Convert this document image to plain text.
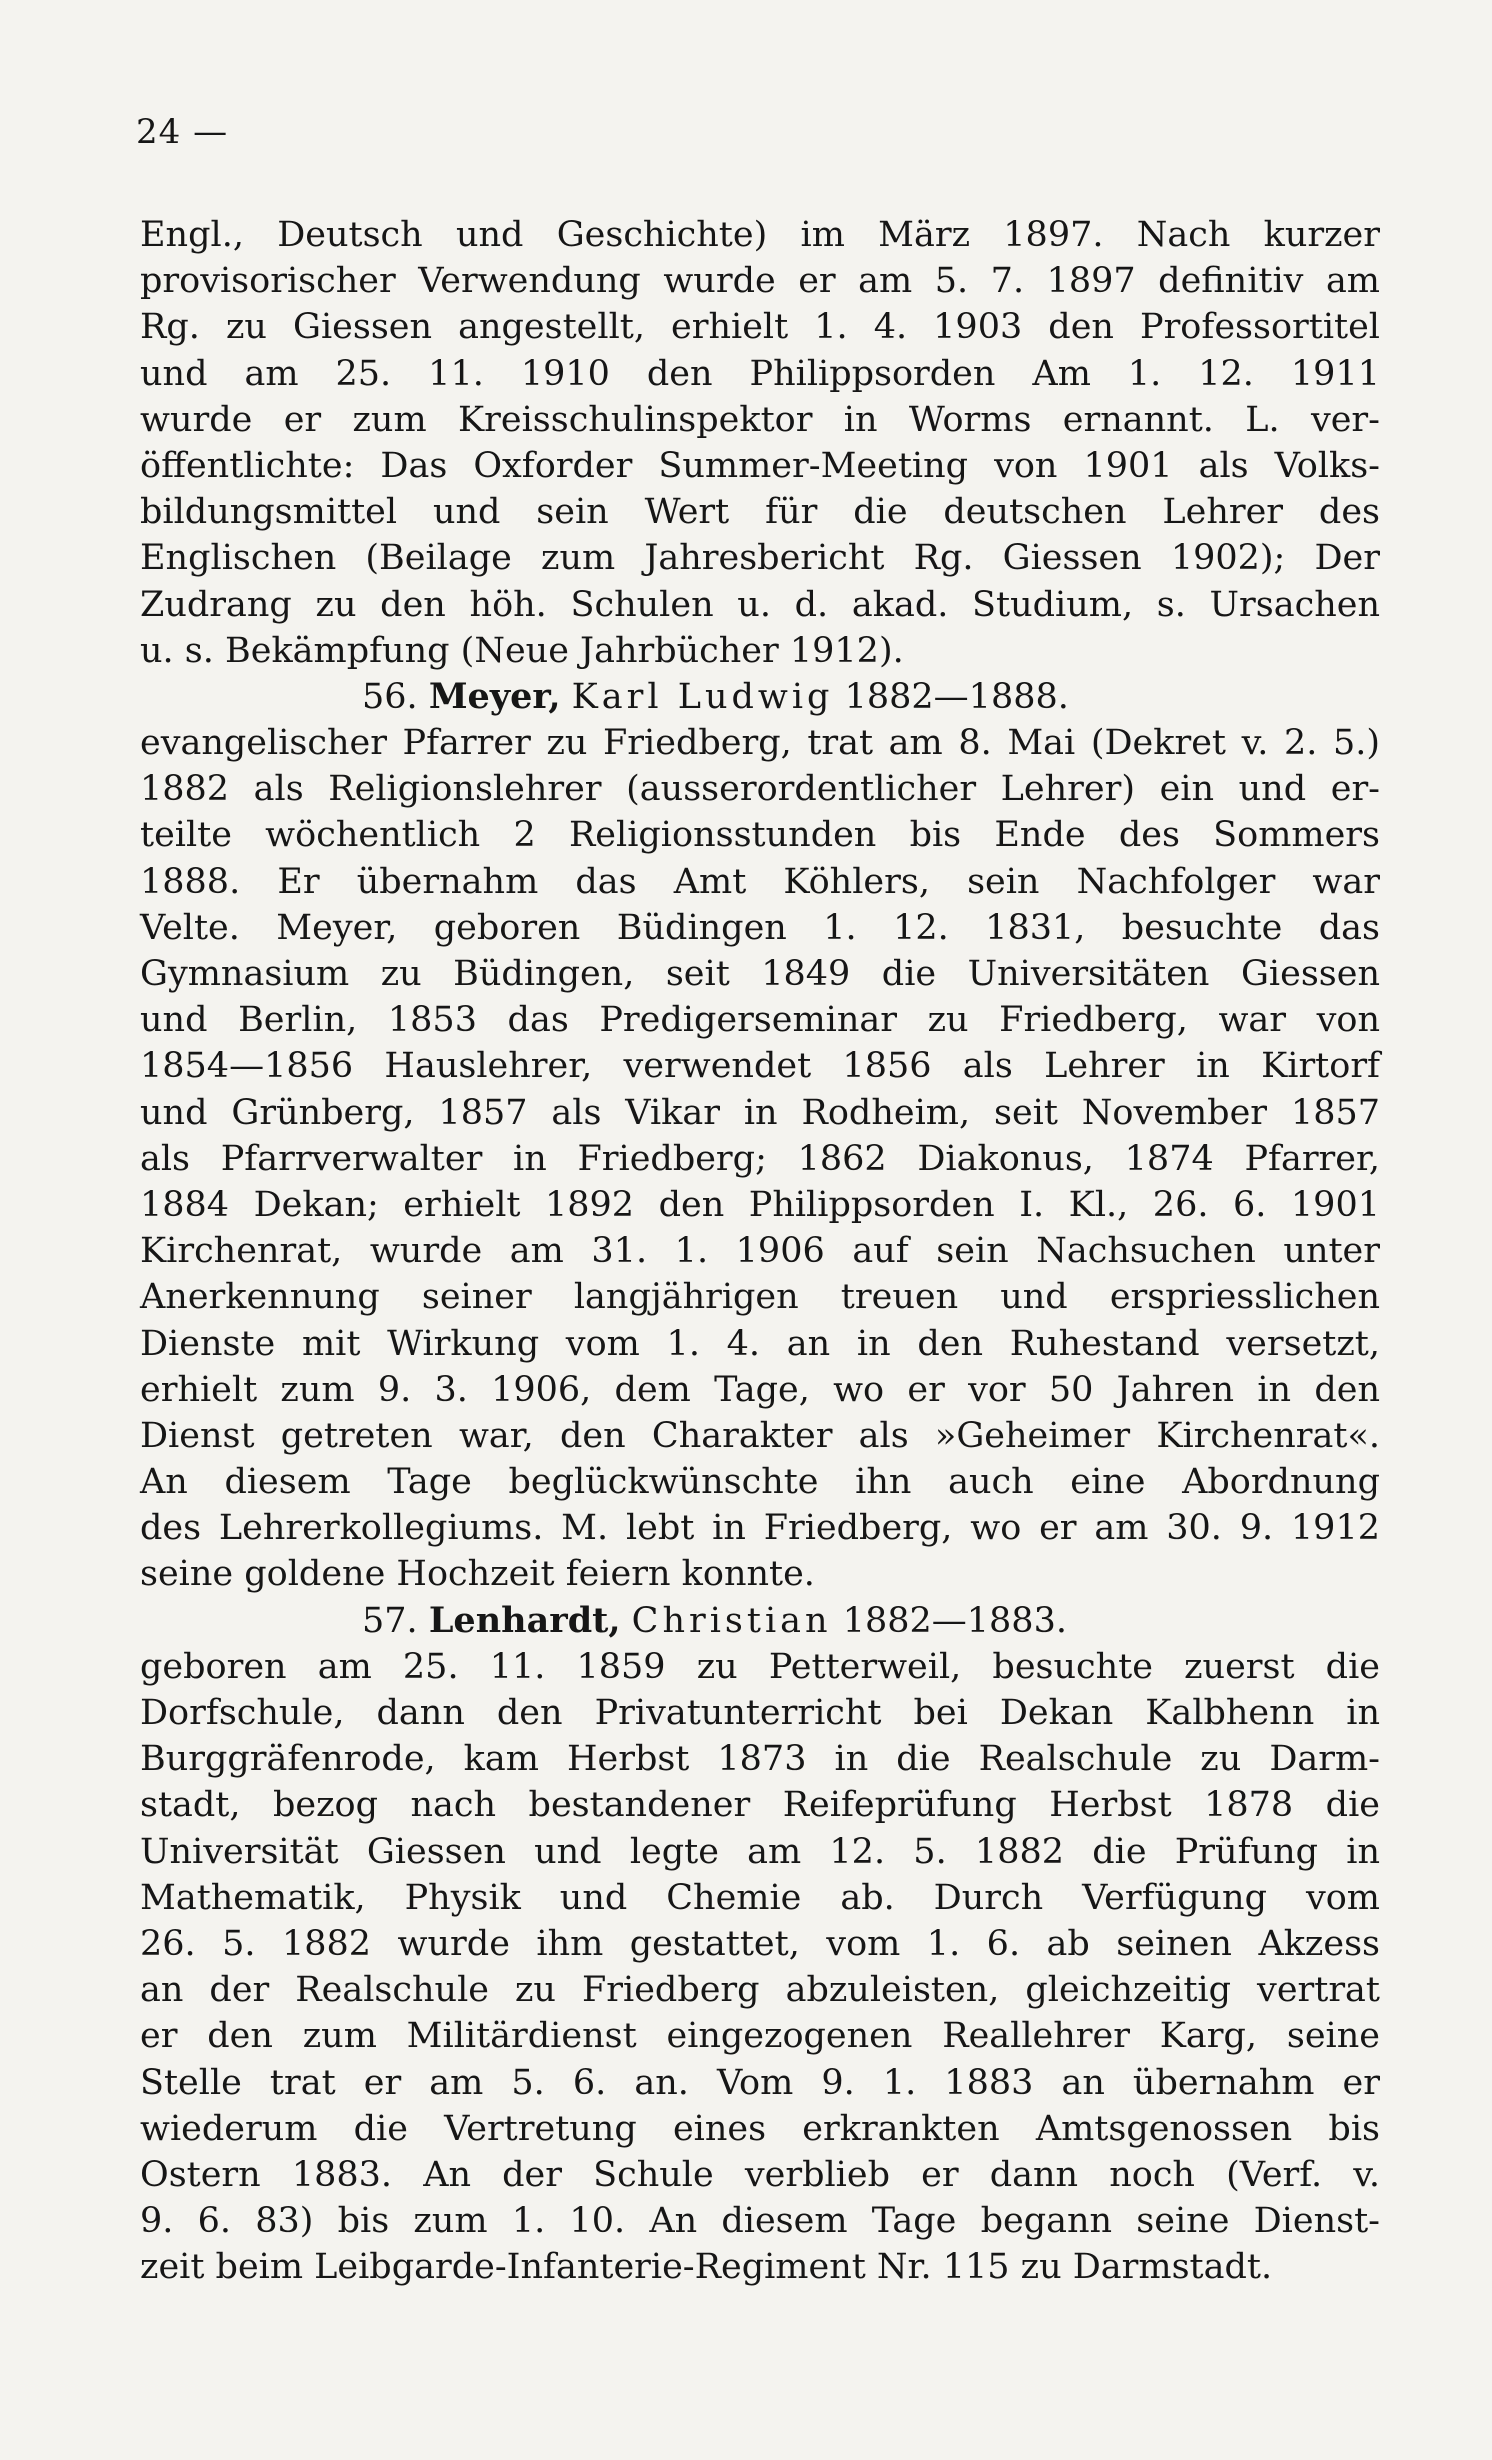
24 —
Engl., Deutsch und Geschichte) im März 1897. Nach kurzer
provisorischer Verwendung wurde er am 5. 7. 1897 definitiv am
Rg. zu Giessen angestellt, erhielt 1. 4. 1903 den Professortitel
und am 25. 11. 1910 den Philippsorden Am 1. 12. 1911
wurde er zum Kreisschulinspektor in Worms ernannt. L. ver-
öffentlichte: Das Oxforder Summer-Meeting von 1901 als Volks-
bildungsmittel und sein Wert für die deutschen Lehrer des
Englischen (Beilage zum Jahresbericht Rg. Giessen 1902); Der
Zudrang zu den höh. Schulen u. d. akad. Studium, s. Ursachen
u. s. Bekämpfung (Neue Jahrbücher 1912).
56. Meyer, Karl Ludwig 1882—1888.
evangelischer Pfarrer zu Friedberg, trat am 8. Mai (Dekret v. 2. 5.)
1882 als Religionslehrer (ausserordentlicher Lehrer) ein und er-
teilte wöchentlich 2 Religionsstunden bis Ende des Sommers
1888. Er übernahm das Amt Köhlers, sein Nachfolger war
Velte. Meyer, geboren Büdingen 1. 12. 1831, besuchte das
Gymnasium zu Büdingen, seit 1849 die Universitäten Giessen
und Berlin, 1853 das Predigerseminar zu Friedberg, war von
1854—1856 Hauslehrer, verwendet 1856 als Lehrer in Kirtorf
und Grünberg, 1857 als Vikar in Rodheim, seit November 1857
als Pfarrverwalter in Friedberg; 1862 Diakonus, 1874 Pfarrer,
1884 Dekan; erhielt 1892 den Philippsorden I. Kl., 26. 6. 1901
Kirchenrat, wurde am 31. 1. 1906 auf sein Nachsuchen unter
Anerkennung seiner langjährigen treuen und erspriesslichen
Dienste mit Wirkung vom 1. 4. an in den Ruhestand versetzt,
erhielt zum 9. 3. 1906, dem Tage, wo er vor 50 Jahren in den
Dienst getreten war, den Charakter als »Geheimer Kirchenrat«.
An diesem Tage beglückwünschte ihn auch eine Abordnung
des Lehrerkollegiums. M. lebt in Friedberg, wo er am 30. 9. 1912
seine goldene Hochzeit feiern konnte.
57. Lenhardt, Christian 1882—1883.
geboren am 25. 11. 1859 zu Petterweil, besuchte zuerst die
Dorfschule, dann den Privatunterricht bei Dekan Kalbhenn in
Burggräfenrode, kam Herbst 1873 in die Realschule zu Darm-
stadt, bezog nach bestandener Reifeprüfung Herbst 1878 die
Universität Giessen und legte am 12. 5. 1882 die Prüfung in
Mathematik, Physik und Chemie ab. Durch Verfügung vom
26. 5. 1882 wurde ihm gestattet, vom 1. 6. ab seinen Akzess
an der Realschule zu Friedberg abzuleisten, gleichzeitig vertrat
er den zum Militärdienst eingezogenen Reallehrer Karg, seine
Stelle trat er am 5. 6. an. Vom 9. 1. 1883 an übernahm er
wiederum die Vertretung eines erkrankten Amtsgenossen bis
Ostern 1883. An der Schule verblieb er dann noch (Verf. v.
9. 6. 83) bis zum 1. 10. An diesem Tage begann seine Dienst-
zeit beim Leibgarde-Infanterie-Regiment Nr. 115 zu Darmstadt.
